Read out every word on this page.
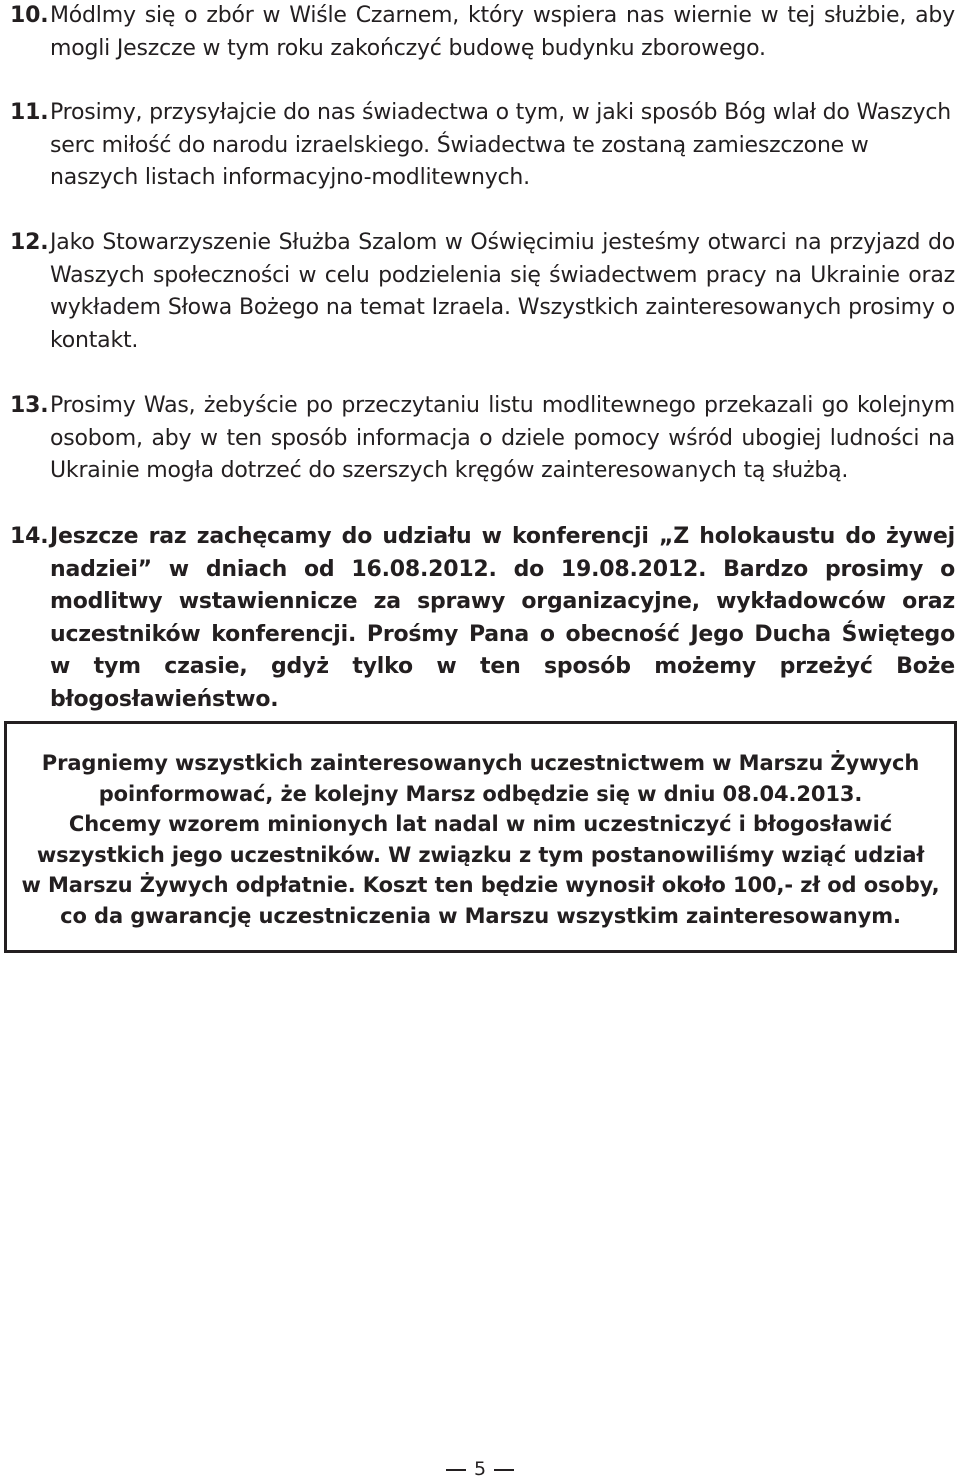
10. Módlmy się o zbór w Wiśle Czarnem, który wspiera nas wiernie w tej służbie, aby mogli Jeszcze w tym roku zakończyć budowę budynku zborowego.
11. Prosimy, przysyłajcie do nas świadectwa o tym, w jaki sposób Bóg wlał do Waszych serc miłość do narodu izraelskiego. Świadectwa te zostaną zamieszczone w naszych listach informacyjno-modlitewnych.
12. Jako Stowarzyszenie Służba Szalom w Oświęcimiu jesteśmy otwarci na przyjazd do Waszych społeczności w celu podzielenia się świadectwem pracy na Ukrainie oraz wykładem Słowa Bożego na temat Izraela. Wszystkich zainteresowanych prosimy o kontakt.
13. Prosimy Was, żebyście po przeczytaniu listu modlitewnego przekazali go kolejnym osobom, aby w ten sposób informacja o dziele pomocy wśród ubogiej ludności na Ukrainie mogła dotrzeć do szerszych kręgów zainteresowanych tą służbą.
14. Jeszcze raz zachęcamy do udziału w konferencji „Z holokaustu do żywej nadziei” w dniach od 16.08.2012. do 19.08.2012. Bardzo prosimy o modlitwy wstawiennicze za sprawy organizacyjne, wykładowców oraz uczestników konferencji. Prośmy Pana o obecność Jego Ducha Świętego w tym czasie, gdyż tylko w ten sposób możemy przeżyć Boże błogosławieństwo.
Pragniemy wszystkich zainteresowanych uczestnictwem w Marszu Żywych
poinformować, że kolejny Marsz odbędzie się w dniu 08.04.2013.
Chcemy wzorem minionych lat nadal w nim uczestniczyć i błogosławić
wszystkich jego uczestników. W związku z tym postanowiliśmy wziąć udział
w Marszu Żywych odpłatnie. Koszt ten będzie wynosił około 100,- zł od osoby,
co da gwarancję uczestniczenia w Marszu wszystkim zainteresowanym.
5
